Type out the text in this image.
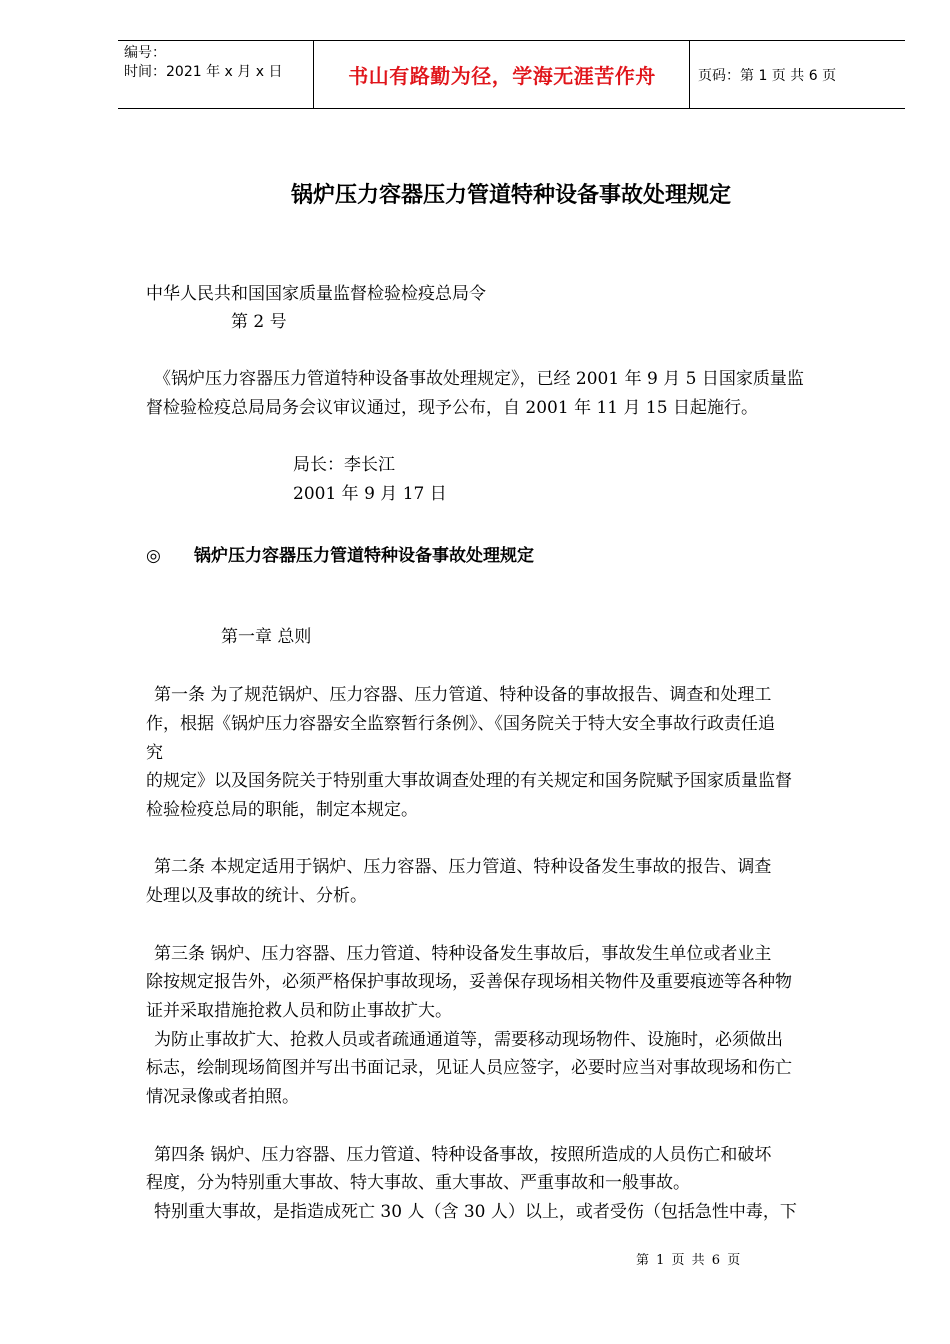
编号：
时间：2021 年 x 月 x 日	书山有路勤为径，学海无涯苦作舟	页码：第 1 页 共 6 页
锅炉压力容器压力管道特种设备事故处理规定
中华人民共和国国家质量监督检验检疫总局令
第 2 号
《锅炉压力容器压力管道特种设备事故处理规定》，已经 2001 年 9 月 5 日国家质量监
督检验检疫总局局务会议审议通过，现予公布，自 2001 年 11 月 15 日起施行。
局长：李长江
2001 年 9 月 17 日
◎ 锅炉压力容器压力管道特种设备事故处理规定
第一章 总则
第一条 为了规范锅炉、压力容器、压力管道、特种设备的事故报告、调查和处理工
作，根据《锅炉压力容器安全监察暂行条例》、《国务院关于特大安全事故行政责任追
究
的规定》以及国务院关于特别重大事故调查处理的有关规定和国务院赋予国家质量监督
检验检疫总局的职能，制定本规定。
第二条 本规定适用于锅炉、压力容器、压力管道、特种设备发生事故的报告、调查
处理以及事故的统计、分析。
第三条 锅炉、压力容器、压力管道、特种设备发生事故后，事故发生单位或者业主
除按规定报告外，必须严格保护事故现场，妥善保存现场相关物件及重要痕迹等各种物
证并采取措施抢救人员和防止事故扩大。
为防止事故扩大、抢救人员或者疏通通道等，需要移动现场物件、设施时，必须做出
标志，绘制现场简图并写出书面记录，见证人员应签字，必要时应当对事故现场和伤亡
情况录像或者拍照。
第四条 锅炉、压力容器、压力管道、特种设备事故，按照所造成的人员伤亡和破坏
程度，分为特别重大事故、特大事故、重大事故、严重事故和一般事故。
特别重大事故，是指造成死亡 30 人（含 30 人）以上，或者受伤（包括急性中毒，下
第 1 页 共 6 页
